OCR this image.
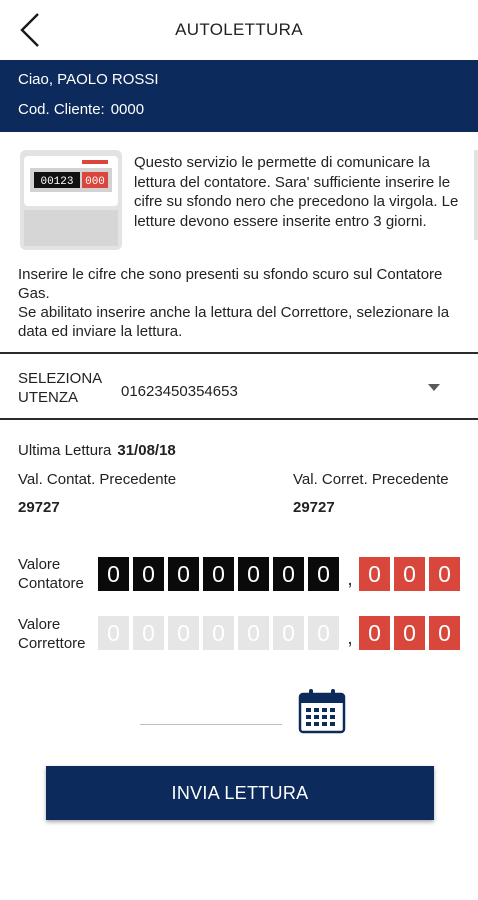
AUTOLETTURA
Ciao, PAOLO ROSSI
Cod. Cliente: 0000
00123 000
Questo servizio le permette di comunicare la lettura del contatore. Sara' sufficiente inserire le cifre su sfondo nero che precedono la virgola. Le letture devono essere inserite entro 3 giorni.

Inserire le cifre che sono presenti su sfondo scuro sul Contatore Gas.

Se abilitato inserire anche la lettura del Correttore, selezionare la data ed inviare la lettura.

SELEZIONA UTENZA	01623450354653
Ultima Lettura 31/08/18
Val. Contat. Precedente	Val. Corret. Precedente
29727	29727
Valore Contatore	0 0 0 0 0 0 0 , 0 0 0
Valore Correttore 0 0 0 0 0 0 0 , 0 0 0
INVIA LETTURA
